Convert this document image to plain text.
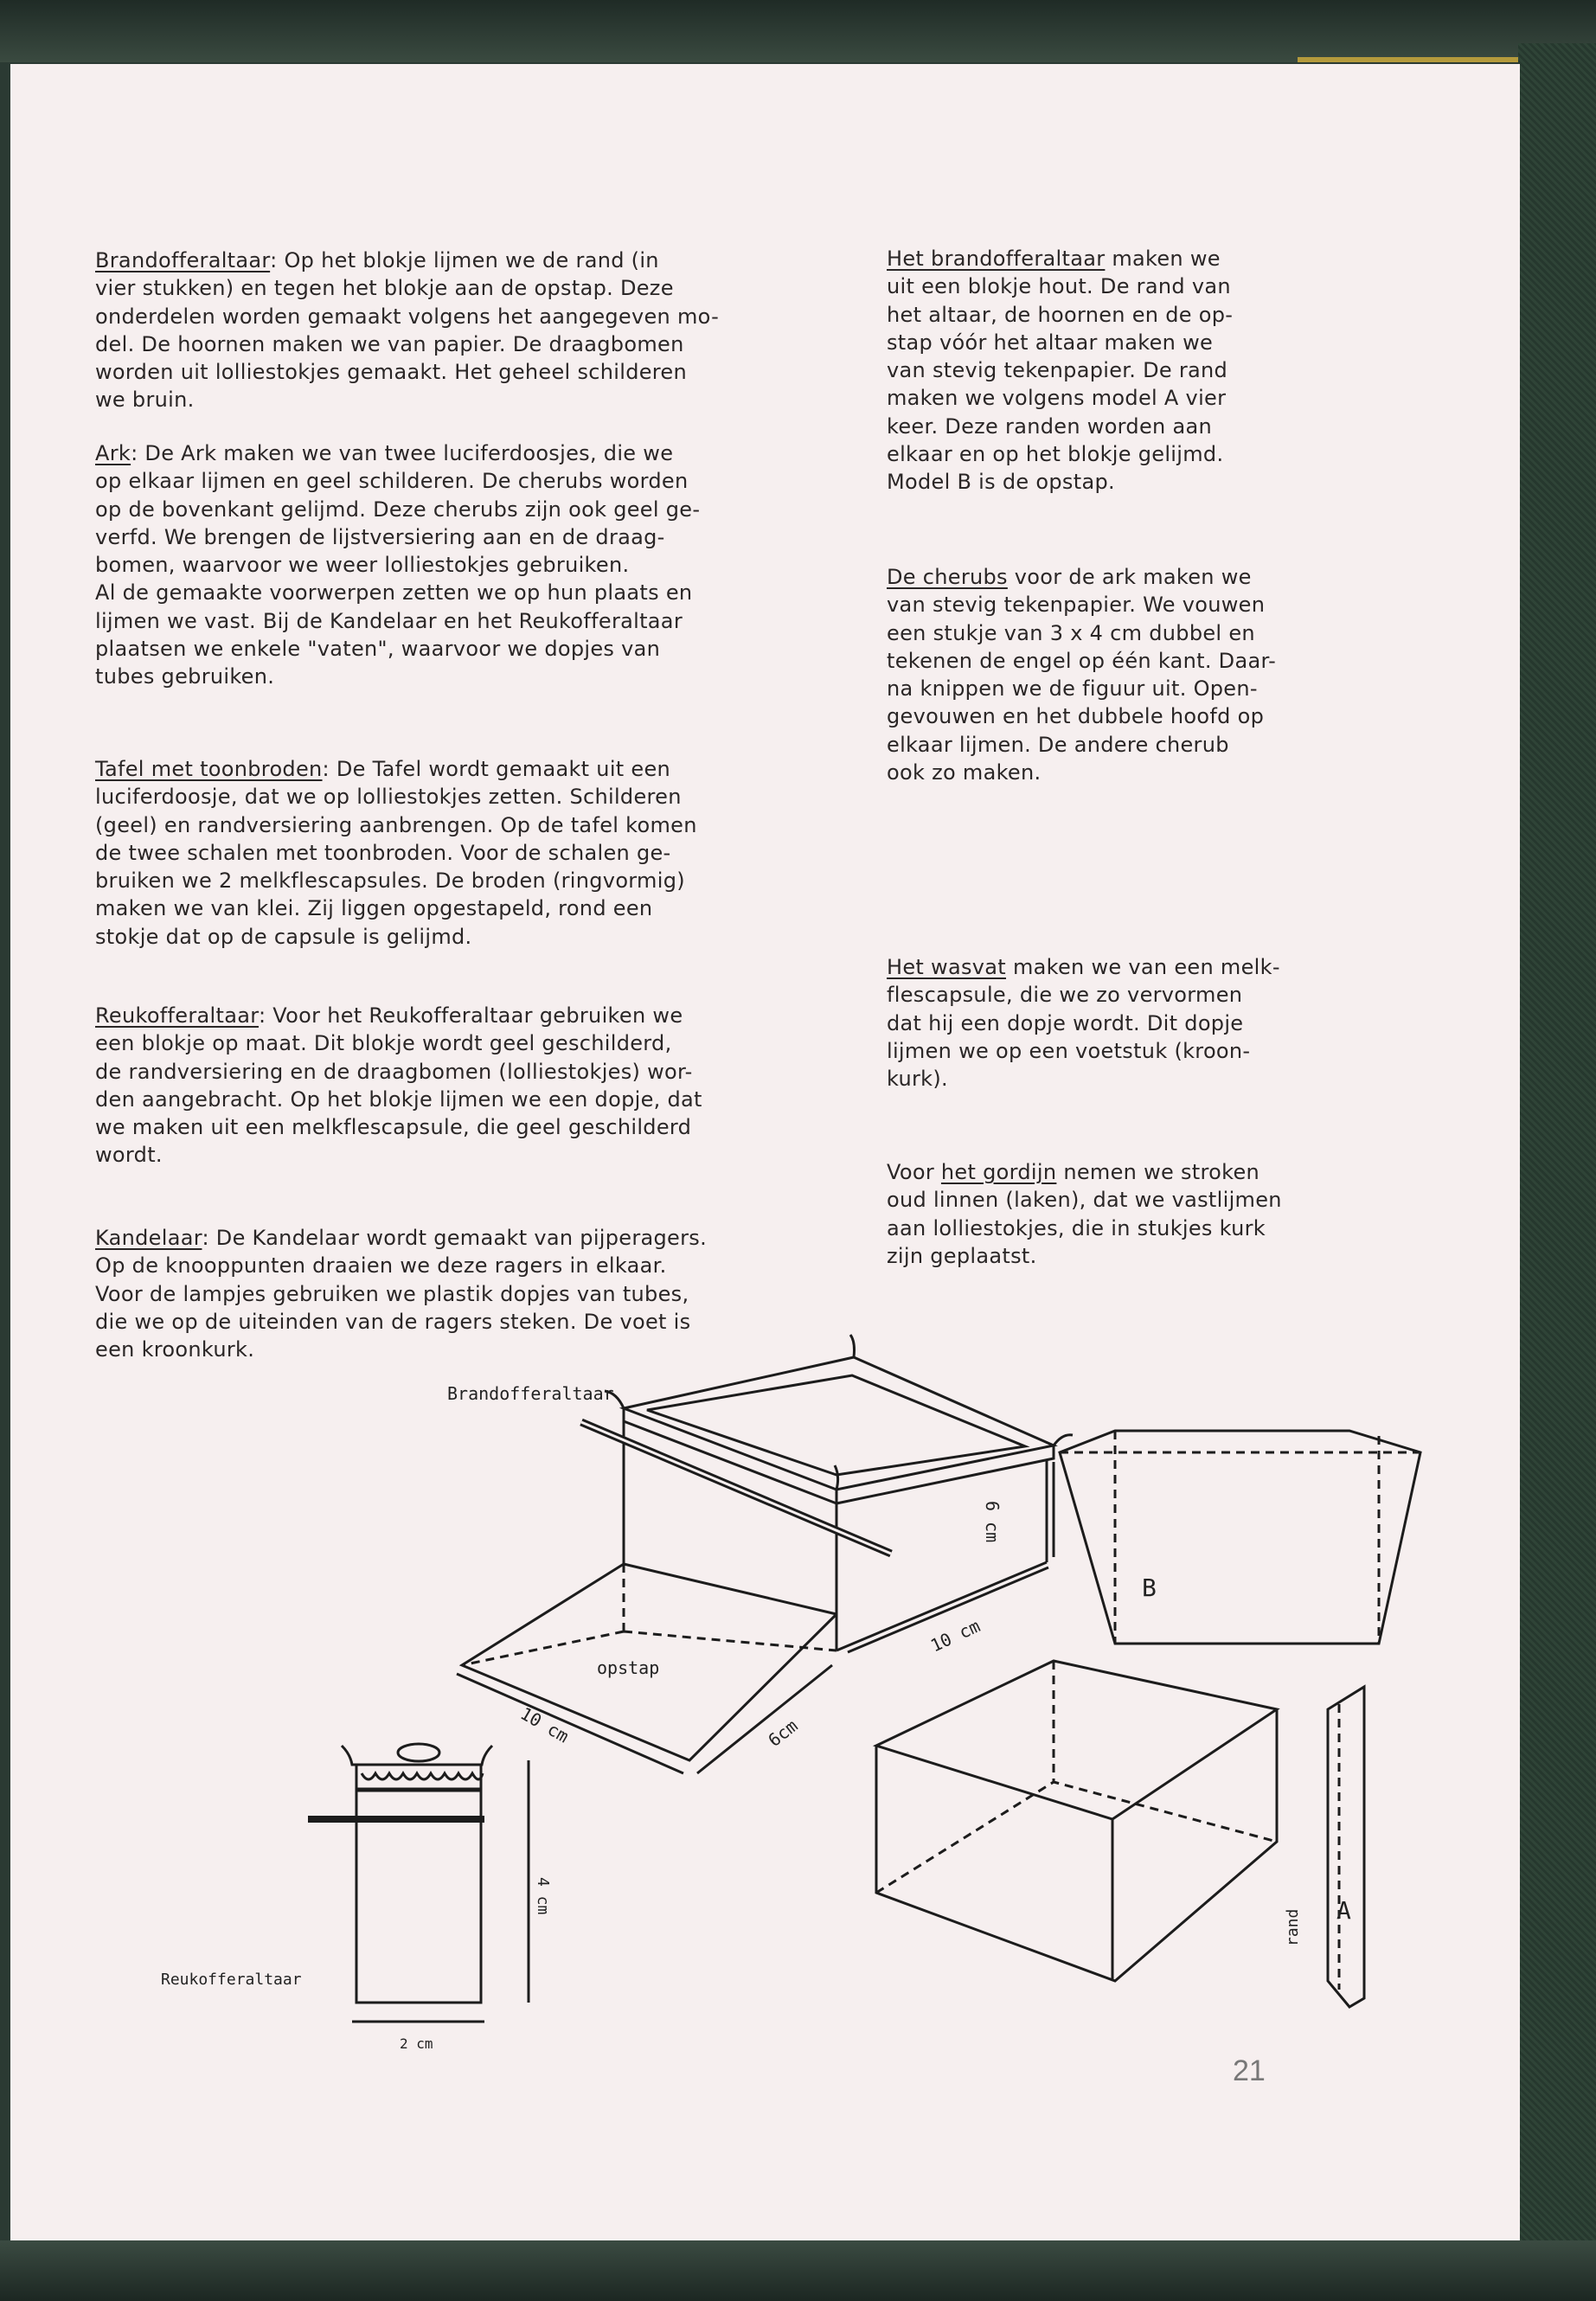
Brandofferaltaar: Op het blokje lijmen we de rand (in
vier stukken) en tegen het blokje aan de opstap. Deze
onderdelen worden gemaakt volgens het aangegeven mo-
del. De hoornen maken we van papier. De draagbomen
worden uit lolliestokjes gemaakt. Het geheel schilderen
we bruin.
Ark: De Ark maken we van twee luciferdoosjes, die we
op elkaar lijmen en geel schilderen. De cherubs worden
op de bovenkant gelijmd. Deze cherubs zijn ook geel ge-
verfd. We brengen de lijstversiering aan en de draag-
bomen, waarvoor we weer lolliestokjes gebruiken.
Al de gemaakte voorwerpen zetten we op hun plaats en
lijmen we vast. Bij de Kandelaar en het Reukofferaltaar
plaatsen we enkele "vaten", waarvoor we dopjes van
tubes gebruiken.
Tafel met toonbroden: De Tafel wordt gemaakt uit een
luciferdoosje, dat we op lolliestokjes zetten. Schilderen
(geel) en randversiering aanbrengen. Op de tafel komen
de twee schalen met toonbroden. Voor de schalen ge-
bruiken we 2 melkflescapsules. De broden (ringvormig)
maken we van klei. Zij liggen opgestapeld, rond een
stokje dat op de capsule is gelijmd.
Reukofferaltaar: Voor het Reukofferaltaar gebruiken we
een blokje op maat. Dit blokje wordt geel geschilderd,
de randversiering en de draagbomen (lolliestokjes) wor-
den aangebracht. Op het blokje lijmen we een dopje, dat
we maken uit een melkflescapsule, die geel geschilderd
wordt.
Kandelaar: De Kandelaar wordt gemaakt van pijperagers.
Op de knooppunten draaien we deze ragers in elkaar.
Voor de lampjes gebruiken we plastik dopjes van tubes,
die we op de uiteinden van de ragers steken. De voet is
een kroonkurk.
Het brandofferaltaar maken we
uit een blokje hout. De rand van
het altaar, de hoornen en de op-
stap vóór het altaar maken we
van stevig tekenpapier. De rand
maken we volgens model A vier
keer. Deze randen worden aan
elkaar en op het blokje gelijmd.
Model B is de opstap.
De cherubs voor de ark maken we
van stevig tekenpapier. We vouwen
een stukje van 3 x 4 cm dubbel en
tekenen de engel op één kant. Daar-
na knippen we de figuur uit. Open-
gevouwen en het dubbele hoofd op
elkaar lijmen. De andere cherub
ook zo maken.
Het wasvat maken we van een melk-
flescapsule, die we zo vervormen
dat hij een dopje wordt. Dit dopje
lijmen we op een voetstuk (kroon-
kurk).
Voor het gordijn nemen we stroken
oud linnen (laken), dat we vastlijmen
aan lolliestokjes, die in stukjes kurk
zijn geplaatst.
Brandofferaltaar
opstap
6 cm
10 cm
10 cm	6cm
B
A
rand
Reukofferaltaar
4 cm
2 cm
21
